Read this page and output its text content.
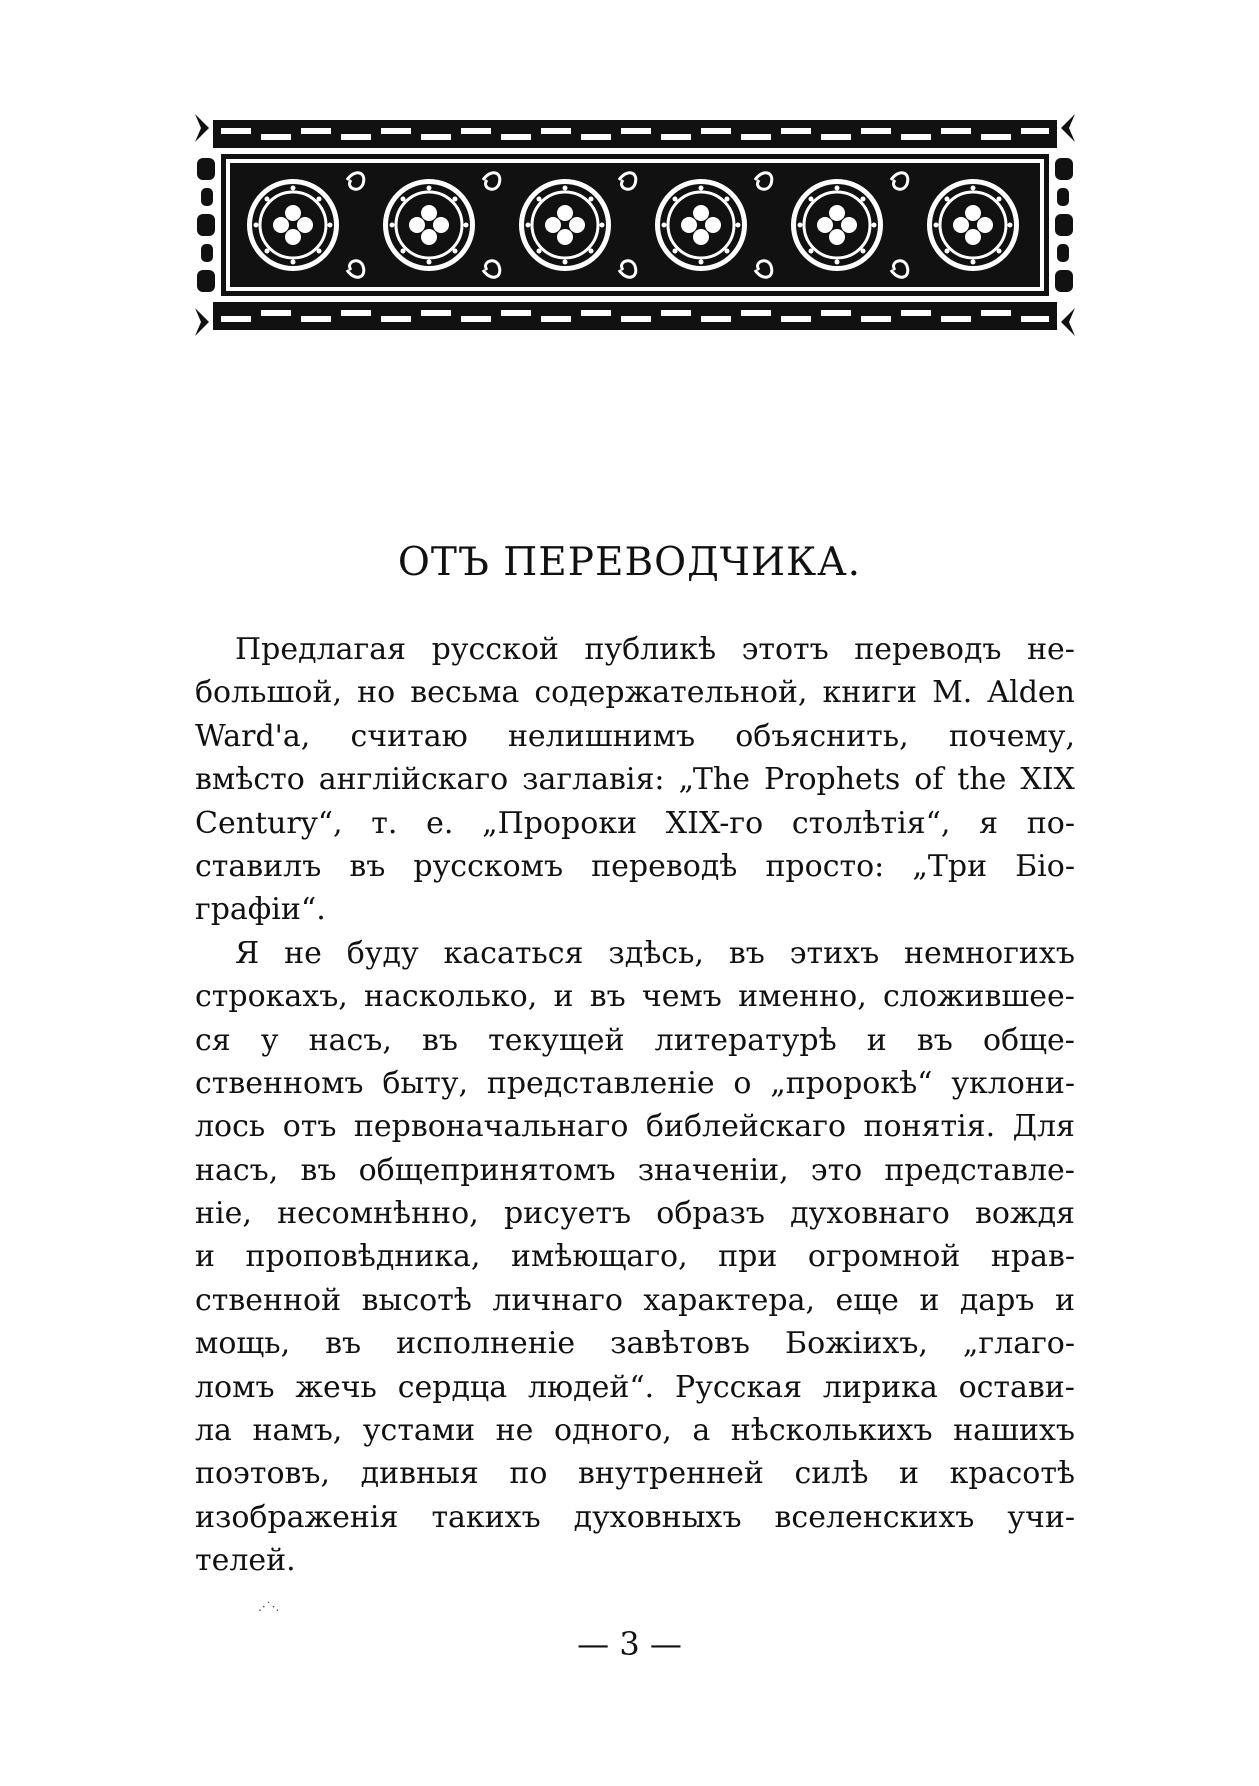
ОТЪ ПЕРЕВОДЧИКА.
Предлагая русской публикѣ этотъ переводъ не-
большой, но весьма содержательной, книги M. Alden
Ward'a, считаю нелишнимъ объяснить, почему,
вмѣсто англійскаго заглавія: „The Prophets of the XIX
Century“, т. е. „Пророки XIX-го столѣтія“, я по-
ставилъ въ русскомъ переводѣ просто: „Три Біо-
графіи“.
Я не буду касаться здѣсь, въ этихъ немногихъ
строкахъ, насколько, и въ чемъ именно, сложившее-
ся у насъ, въ текущей литературѣ и въ обще-
ственномъ быту, представленіе о „пророкѣ“ уклони-
лось отъ первоначальнаго библейскаго понятія. Для
насъ, въ общепринятомъ значеніи, это представле-
ніе, несомнѣнно, рисуетъ образъ духовнаго вождя
и проповѣдника, имѣющаго, при огромной нрав-
ственной высотѣ личнаго характера, еще и даръ и
мощь, въ исполненіе завѣтовъ Божіихъ, „глаго-
ломъ жечь сердца людей“. Русская лирика остави-
ла намъ, устами не одного, а нѣсколькихъ нашихъ
поэтовъ, дивныя по внутренней силѣ и красотѣ
изображенія такихъ духовныхъ вселенскихъ учи-
телей.
.·˙·.
— 3 —
